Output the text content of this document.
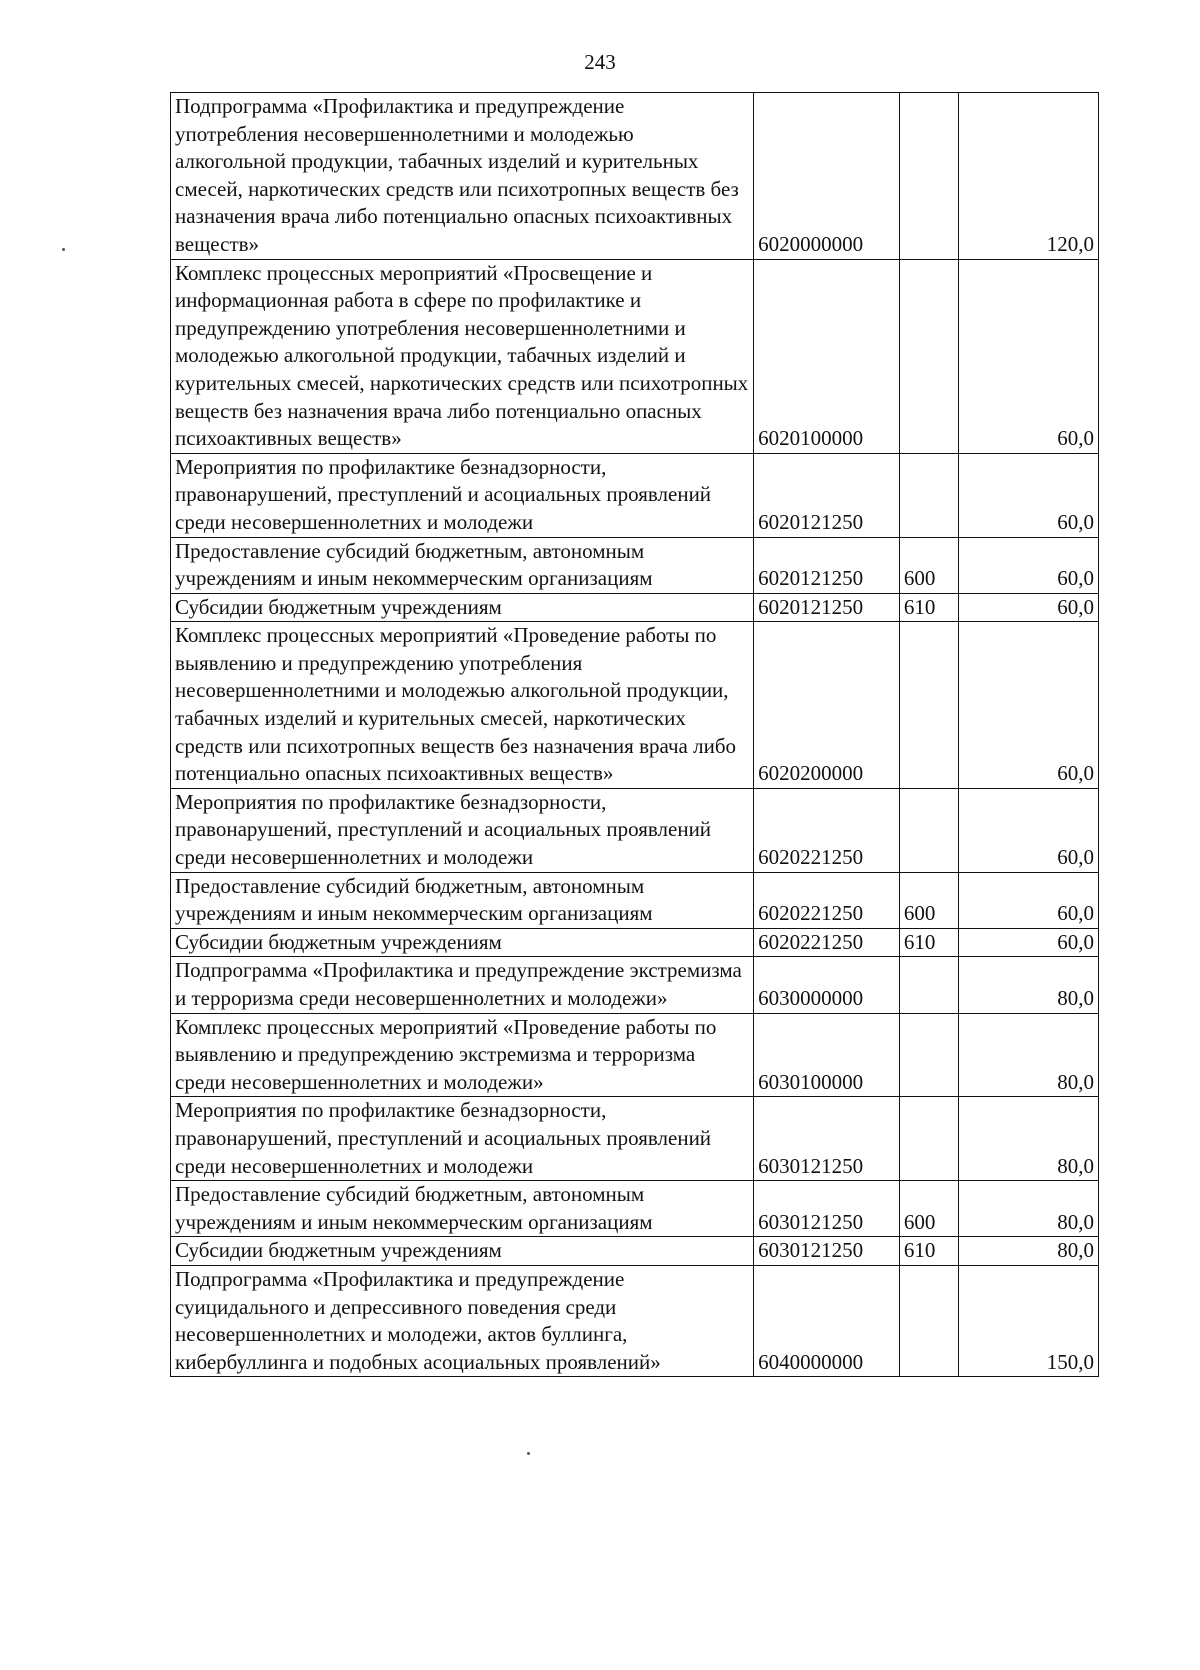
243
Подпрограмма «Профилактика и предупреждение употребления несовершеннолетними и молодежью алкогольной продукции, табачных изделий и курительных смесей, наркотических средств или психотропных веществ без назначения врача либо потенциально опасных психоактивных веществ»	6020000000		120,0
Комплекс процессных мероприятий «Просвещение и информационная работа в сфере по профилактике и предупреждению употребления несовершеннолетними и молодежью алкогольной продукции, табачных изделий и курительных смесей, наркотических средств или психотропных веществ без назначения врача либо потенциально опасных психоактивных веществ»	6020100000		60,0
Мероприятия по профилактике безнадзорности, правонарушений, преступлений и асоциальных проявлений среди несовершеннолетних и молодежи	6020121250		60,0
Предоставление субсидий бюджетным, автономным учреждениям и иным некоммерческим организациям	6020121250	600	60,0
Субсидии бюджетным учреждениям	6020121250	610	60,0
Комплекс процессных мероприятий «Проведение работы по выявлению и предупреждению употребления несовершеннолетними и молодежью алкогольной продукции, табачных изделий и курительных смесей, наркотических средств или психотропных веществ без назначения врача либо потенциально опасных психоактивных веществ»	6020200000		60,0
Мероприятия по профилактике безнадзорности, правонарушений, преступлений и асоциальных проявлений среди несовершеннолетних и молодежи	6020221250		60,0
Предоставление субсидий бюджетным, автономным учреждениям и иным некоммерческим организациям	6020221250	600	60,0
Субсидии бюджетным учреждениям	6020221250	610	60,0
Подпрограмма «Профилактика и предупреждение экстремизма и терроризма среди несовершеннолетних и молодежи»	6030000000		80,0
Комплекс процессных мероприятий «Проведение работы по выявлению и предупреждению экстремизма и терроризма среди несовершеннолетних и молодежи»	6030100000		80,0
Мероприятия по профилактике безнадзорности, правонарушений, преступлений и асоциальных проявлений среди несовершеннолетних и молодежи	6030121250		80,0
Предоставление субсидий бюджетным, автономным учреждениям и иным некоммерческим организациям	6030121250	600	80,0
Субсидии бюджетным учреждениям	6030121250	610	80,0
Подпрограмма «Профилактика и предупреждение суицидального и депрессивного поведения среди несовершеннолетних и молодежи, актов буллинга, кибербуллинга и подобных асоциальных проявлений»	6040000000		150,0
